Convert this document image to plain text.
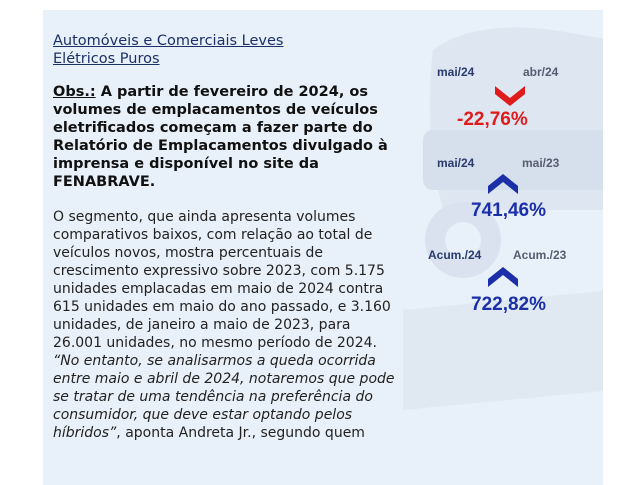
Automóveis e Comerciais Leves
Elétricos Puros
Obs.: A partir de fevereiro de 2024, os volumes de emplacamentos de veículos eletrificados começam a fazer parte do Relatório de Emplacamentos divulgado à imprensa e disponível no site da FENABRAVE.
O segmento, que ainda apresenta volumes comparativos baixos, com relação ao total de veículos novos, mostra percentuais de crescimento expressivo sobre 2023, com 5.175 unidades emplacadas em maio de 2024 contra 615 unidades em maio do ano passado, e 3.160 unidades, de janeiro a maio de 2023, para 26.001 unidades, no mesmo período de 2024. “No entanto, se analisarmos a queda ocorrida entre maio e abril de 2024, notaremos que pode se tratar de uma tendência na preferência do consumidor, que deve estar optando pelos híbridos”, aponta Andreta Jr., segundo quem
mai/24	abr/24
-22,76%
mai/24	mai/23
741,46%
Acum./24	Acum./23
722,82%
